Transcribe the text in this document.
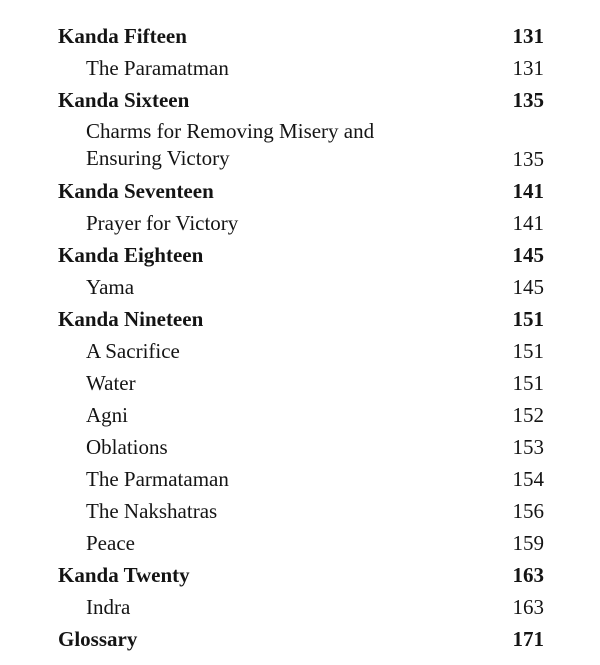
Kanda Fifteen	131
The Paramatman	131
Kanda Sixteen	135
Charms for Removing Misery and
Ensuring Victory	135
Kanda Seventeen	141
Prayer for Victory	141
Kanda Eighteen	145
Yama	145
Kanda Nineteen	151
A Sacrifice	151
Water	151
Agni	152
Oblations	153
The Parmataman	154
The Nakshatras	156
Peace	159
Kanda Twenty	163
Indra	163
Glossary	171
